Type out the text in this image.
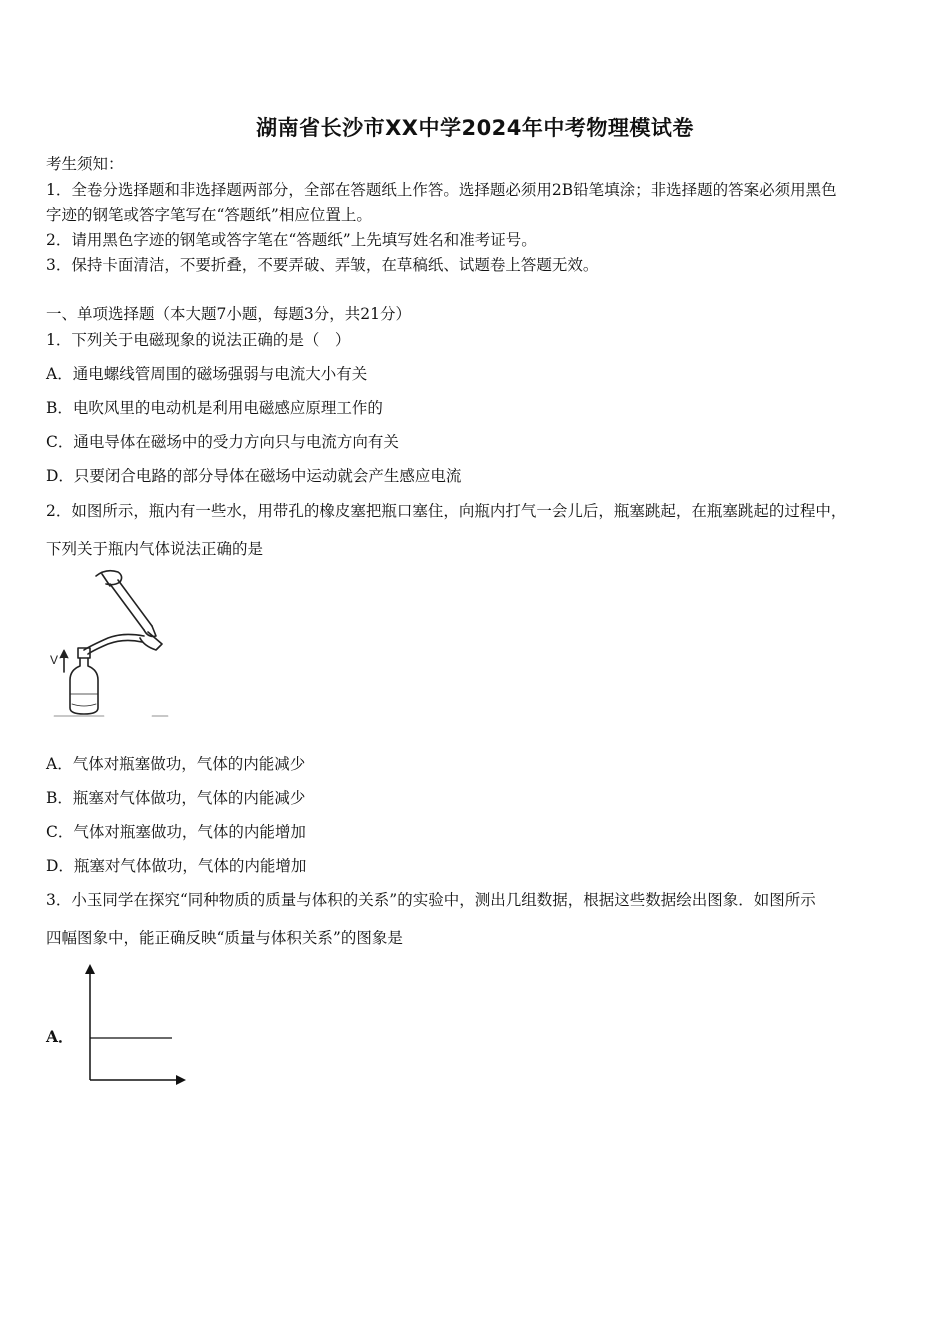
湖南省长沙市XX中学2024年中考物理模试卷
考生须知：
1．全卷分选择题和非选择题两部分，全部在答题纸上作答。选择题必须用2B铅笔填涂；非选择题的答案必须用黑色
字迹的钢笔或答字笔写在“答题纸”相应位置上。
2．请用黑色字迹的钢笔或答字笔在“答题纸”上先填写姓名和准考证号。
3．保持卡面清洁，不要折叠，不要弄破、弄皱，在草稿纸、试题卷上答题无效。
一、单项选择题（本大题7小题，每题3分，共21分）
1．下列关于电磁现象的说法正确的是（　）
A．通电螺线管周围的磁场强弱与电流大小有关
B．电吹风里的电动机是利用电磁感应原理工作的
C．通电导体在磁场中的受力方向只与电流方向有关
D．只要闭合电路的部分导体在磁场中运动就会产生感应电流
2．如图所示，瓶内有一些水，用带孔的橡皮塞把瓶口塞住，向瓶内打气一会儿后，瓶塞跳起，在瓶塞跳起的过程中，
下列关于瓶内气体说法正确的是
V
A．气体对瓶塞做功，气体的内能减少
B．瓶塞对气体做功，气体的内能减少
C．气体对瓶塞做功，气体的内能增加
D．瓶塞对气体做功，气体的内能增加
3．小玉同学在探究“同种物质的质量与体积的关系”的实验中，测出几组数据，根据这些数据绘出图象．如图所示
四幅图象中，能正确反映“质量与体积关系”的图象是
A．
